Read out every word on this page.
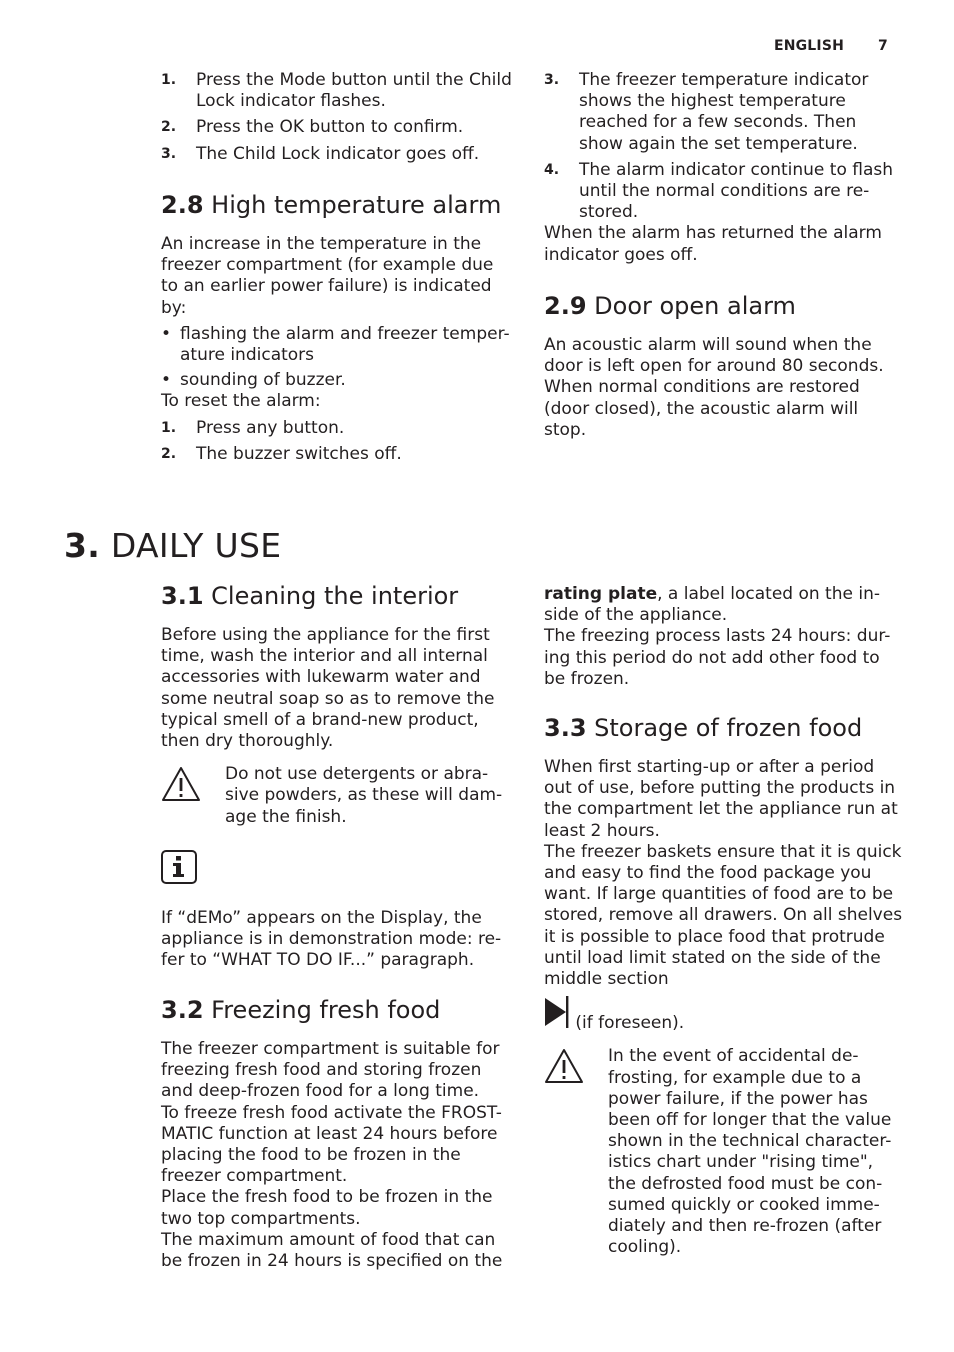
ENGLISH 7
1.	Press the Mode button until the Child Lock indicator flashes.
2.	Press the OK button to confirm.
3.	The Child Lock indicator goes off.
2.8 High temperature alarm

An increase in the temperature in the freezer compartment (for example due to an earlier power failure) is indicated by:

• flashing the alarm and freezer temper-ature indicators
• sounding of buzzer.

To reset the alarm:

1.	Press any button.
2.	The buzzer switches off.
3.	The freezer temperature indicator shows the highest temperature reached for a few seconds. Then show again the set temperature.
4.	The alarm indicator continue to flash until the normal conditions are re-stored.

When the alarm has returned the alarm indicator goes off.

2.9 Door open alarm

An acoustic alarm will sound when the door is left open for around 80 seconds. When normal conditions are restored (door closed), the acoustic alarm will stop.

3. DAILY USE
3.1 Cleaning the interior

Before using the appliance for the first time, wash the interior and all internal accessories with lukewarm water and some neutral soap so as to remove the typical smell of a brand-new product, then dry thoroughly.

Do not use detergents or abra-sive powders, as these will dam-age the finish.

If “dEMo” appears on the Display, the appliance is in demonstration mode: re-fer to “WHAT TO DO IF...” paragraph.

3.2 Freezing fresh food

The freezer compartment is suitable for freezing fresh food and storing frozen and deep-frozen food for a long time.

To freeze fresh food activate the FROST-MATIC function at least 24 hours before placing the food to be frozen in the freezer compartment.

Place the fresh food to be frozen in the two top compartments.

The maximum amount of food that can be frozen in 24 hours is specified on the

rating plate, a label located on the in-side of the appliance.

The freezing process lasts 24 hours: dur-ing this period do not add other food to be frozen.

3.3 Storage of frozen food

When first starting-up or after a period out of use, before putting the products in the compartment let the appliance run at least 2 hours.

The freezer baskets ensure that it is quick and easy to find the food package you want. If large quantities of food are to be stored, remove all drawers. On all shelves it is possible to place food that protrude until load limit stated on the side of the middle section

(if foreseen).

In the event of accidental de-frosting, for example due to a power failure, if the power has been off for longer that the value shown in the technical character-istics chart under "rising time", the defrosted food must be con-sumed quickly or cooked imme-diately and then re-frozen (after cooling).
